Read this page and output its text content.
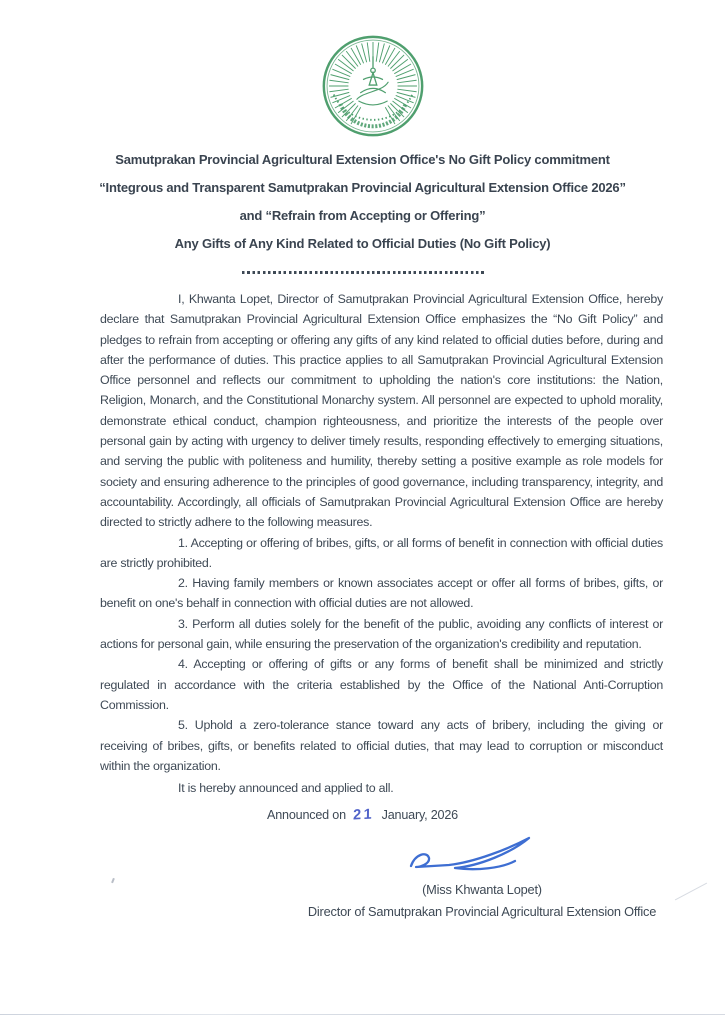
Samutprakan Provincial Agricultural Extension Office's No Gift Policy commitment
“Integrous and Transparent Samutprakan Provincial Agricultural Extension Office 2026”
and “Refrain from Accepting or Offering”
Any Gifts of Any Kind Related to Official Duties (No Gift Policy)

I, Khwanta Lopet, Director of Samutprakan Provincial Agricultural Extension Office, hereby declare that Samutprakan Provincial Agricultural Extension Office emphasizes the “No Gift Policy” and pledges to refrain from accepting or offering any gifts of any kind related to official duties before, during and after the performance of duties. This practice applies to all Samutprakan Provincial Agricultural Extension Office personnel and reflects our commitment to upholding the nation's core institutions: the Nation, Religion, Monarch, and the Constitutional Monarchy system. All personnel are expected to uphold morality, demonstrate ethical conduct, champion righteousness, and prioritize the interests of the people over personal gain by acting with urgency to deliver timely results, responding effectively to emerging situations, and serving the public with politeness and humility, thereby setting a positive example as role models for society and ensuring adherence to the principles of good governance, including transparency, integrity, and accountability. Accordingly, all officials of Samutprakan Provincial Agricultural Extension Office are hereby directed to strictly adhere to the following measures.

1. Accepting or offering of bribes, gifts, or all forms of benefit in connection with official duties are strictly prohibited.

2. Having family members or known associates accept or offer all forms of bribes, gifts, or benefit on one's behalf in connection with official duties are not allowed.

3. Perform all duties solely for the benefit of the public, avoiding any conflicts of interest or actions for personal gain, while ensuring the preservation of the organization's credibility and reputation.

4. Accepting or offering of gifts or any forms of benefit shall be minimized and strictly regulated in accordance with the criteria established by the Office of the National Anti-Corruption Commission.

5. Uphold a zero-tolerance stance toward any acts of bribery, including the giving or receiving of bribes, gifts, or benefits related to official duties, that may lead to corruption or misconduct within the organization.

It is hereby announced and applied to all.

Announced on 21 January, 2026
(Miss Khwanta Lopet)
Director of Samutprakan Provincial Agricultural Extension Office
